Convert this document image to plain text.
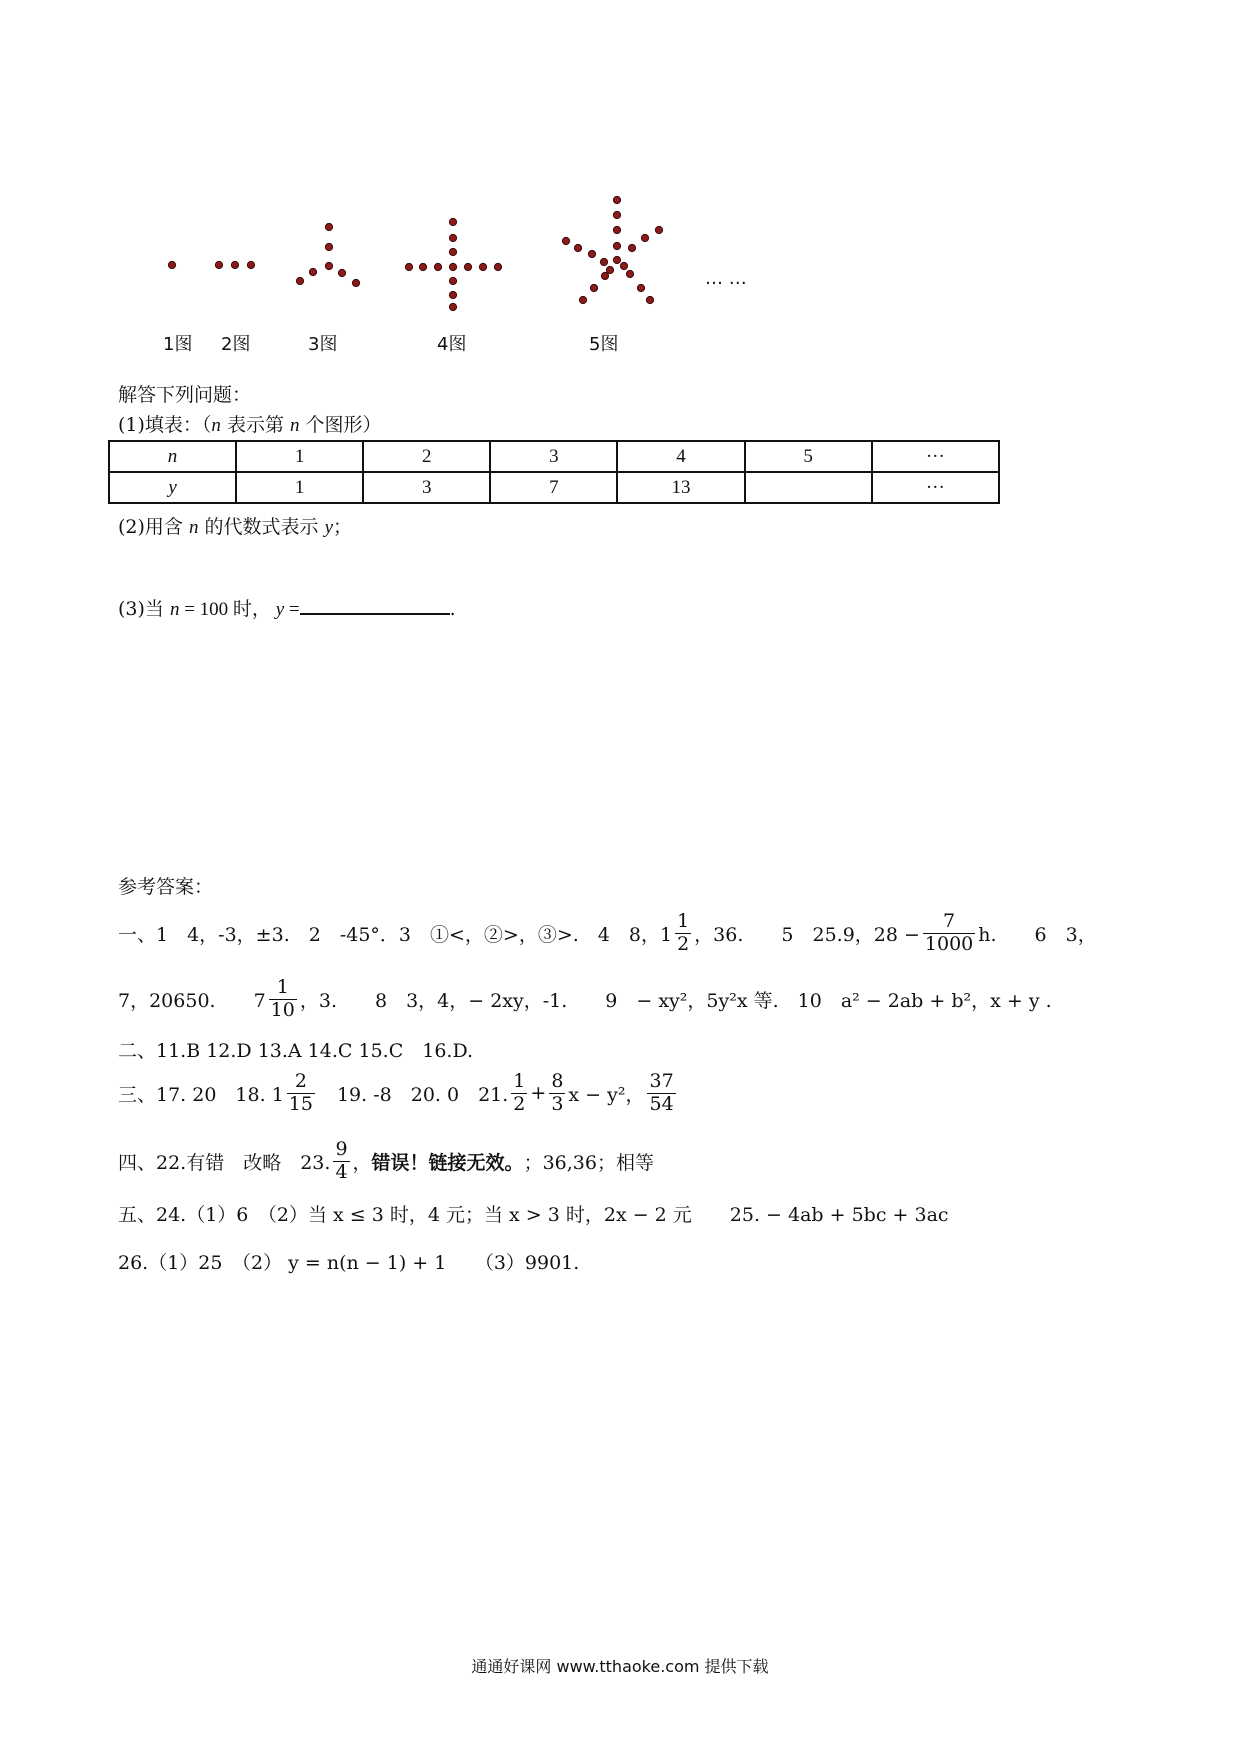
… …
1图 2图	3图	4图	5图
解答下列问题：
(1)填表：（n 表示第 n 个图形）
n	1	2	3	4	5	···
y	1	3	7	13		···
(2)用含 n 的代数式表示 y；
(3)当 n = 100 时， y =	.
参考答案：
一、1　4，-3，±3.　2　-45°．3　①<，②>，③>.　4　8，$1 \frac{1}{2}$ ，36.　　5　25.9，$28 - \frac{7}{1000} h$.　　6　3，
7，20650.　　$7 \frac{1}{10}$ ，3.　　8　3，4，− 2xy，-1.　　9　− xy²，5y²x 等.　10　a² − 2ab + b²，x + y .
二、11.B 12.D 13.A 14.C 15.C　16.D.
三、17. 20　18. $1 \frac{2}{15}$ 　19. -8　20. 0　21. $\frac{1}{2} + \frac{8}{3}$ x − y²， $\frac{37}{54}$
四、22.有错　改略　23. $\frac{9}{4}$ ， 错误！链接无效。 ；36,36；相等
五、24.（1）6　（2）当 x ≤ 3 时，4 元；当 x > 3 时，2x − 2 元　　25. − 4ab + 5bc + 3ac
26.（1）25　（2） y = n(n − 1) + 1　　（3）9901.
通通好课网 www.tthaoke.com 提供下载
